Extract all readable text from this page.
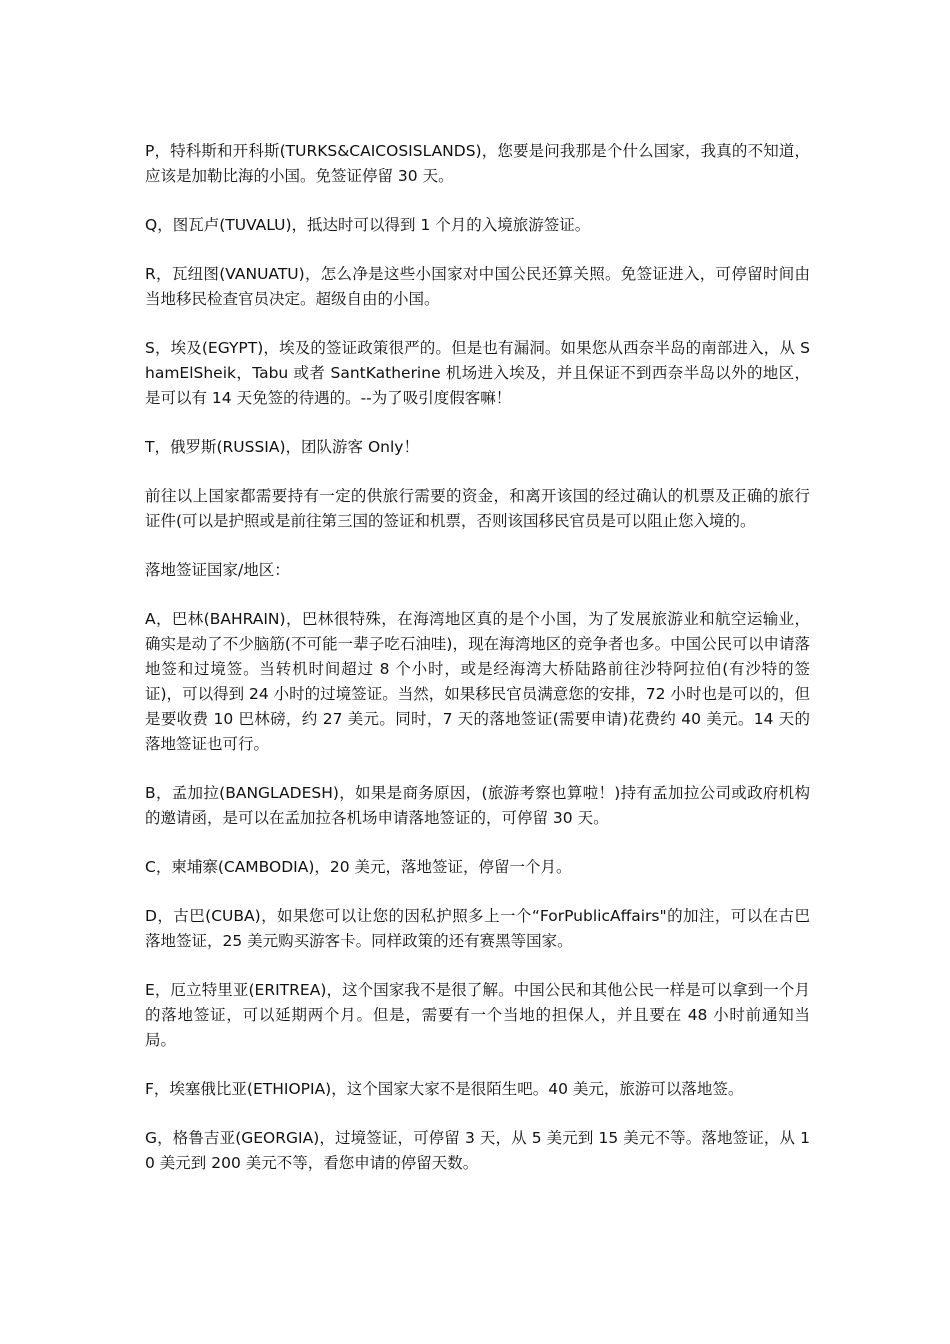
P，特科斯和开科斯(TURKS&CAICOSISLANDS)，您要是问我那是个什么国家，我真的不知道，应该是加勒比海的小国。免签证停留 30 天。

Q，图瓦卢(TUVALU)，抵达时可以得到 1 个月的入境旅游签证。

R，瓦纽图(VANUATU)，怎么净是这些小国家对中国公民还算关照。免签证进入，可停留时间由当地移民检查官员决定。超级自由的小国。

S，埃及(EGYPT)，埃及的签证政策很严的。但是也有漏洞。如果您从西奈半岛的南部进入，从 ShamElSheik，Tabu 或者 SantKatherine 机场进入埃及，并且保证不到西奈半岛以外的地区，是可以有 14 天免签的待遇的。--为了吸引度假客嘛！

T，俄罗斯(RUSSIA)，团队游客 Only！

前往以上国家都需要持有一定的供旅行需要的资金，和离开该国的经过确认的机票及正确的旅行证件(可以是护照或是前往第三国的签证和机票，否则该国移民官员是可以阻止您入境的。

落地签证国家/地区：

A，巴林(BAHRAIN)，巴林很特殊，在海湾地区真的是个小国，为了发展旅游业和航空运输业，确实是动了不少脑筋(不可能一辈子吃石油哇)，现在海湾地区的竞争者也多。中国公民可以申请落地签和过境签。当转机时间超过 8 个小时，或是经海湾大桥陆路前往沙特阿拉伯(有沙特的签证)，可以得到 24 小时的过境签证。当然，如果移民官员满意您的安排，72 小时也是可以的，但是要收费 10 巴林磅，约 27 美元。同时，7 天的落地签证(需要申请)花费约 40 美元。14 天的落地签证也可行。

B，孟加拉(BANGLADESH)，如果是商务原因，(旅游考察也算啦！)持有孟加拉公司或政府机构的邀请函，是可以在孟加拉各机场申请落地签证的，可停留 30 天。

C，柬埔寨(CAMBODIA)，20 美元，落地签证，停留一个月。

D，古巴(CUBA)，如果您可以让您的因私护照多上一个“ForPublicAffairs"的加注，可以在古巴落地签证，25 美元购买游客卡。同样政策的还有赛黑等国家。

E，厄立特里亚(ERITREA)，这个国家我不是很了解。中国公民和其他公民一样是可以拿到一个月的落地签证，可以延期两个月。但是，需要有一个当地的担保人，并且要在 48 小时前通知当局。

F，埃塞俄比亚(ETHIOPIA)，这个国家大家不是很陌生吧。40 美元，旅游可以落地签。

G，格鲁吉亚(GEORGIA)，过境签证，可停留 3 天，从 5 美元到 15 美元不等。落地签证，从 10 美元到 200 美元不等，看您申请的停留天数。
